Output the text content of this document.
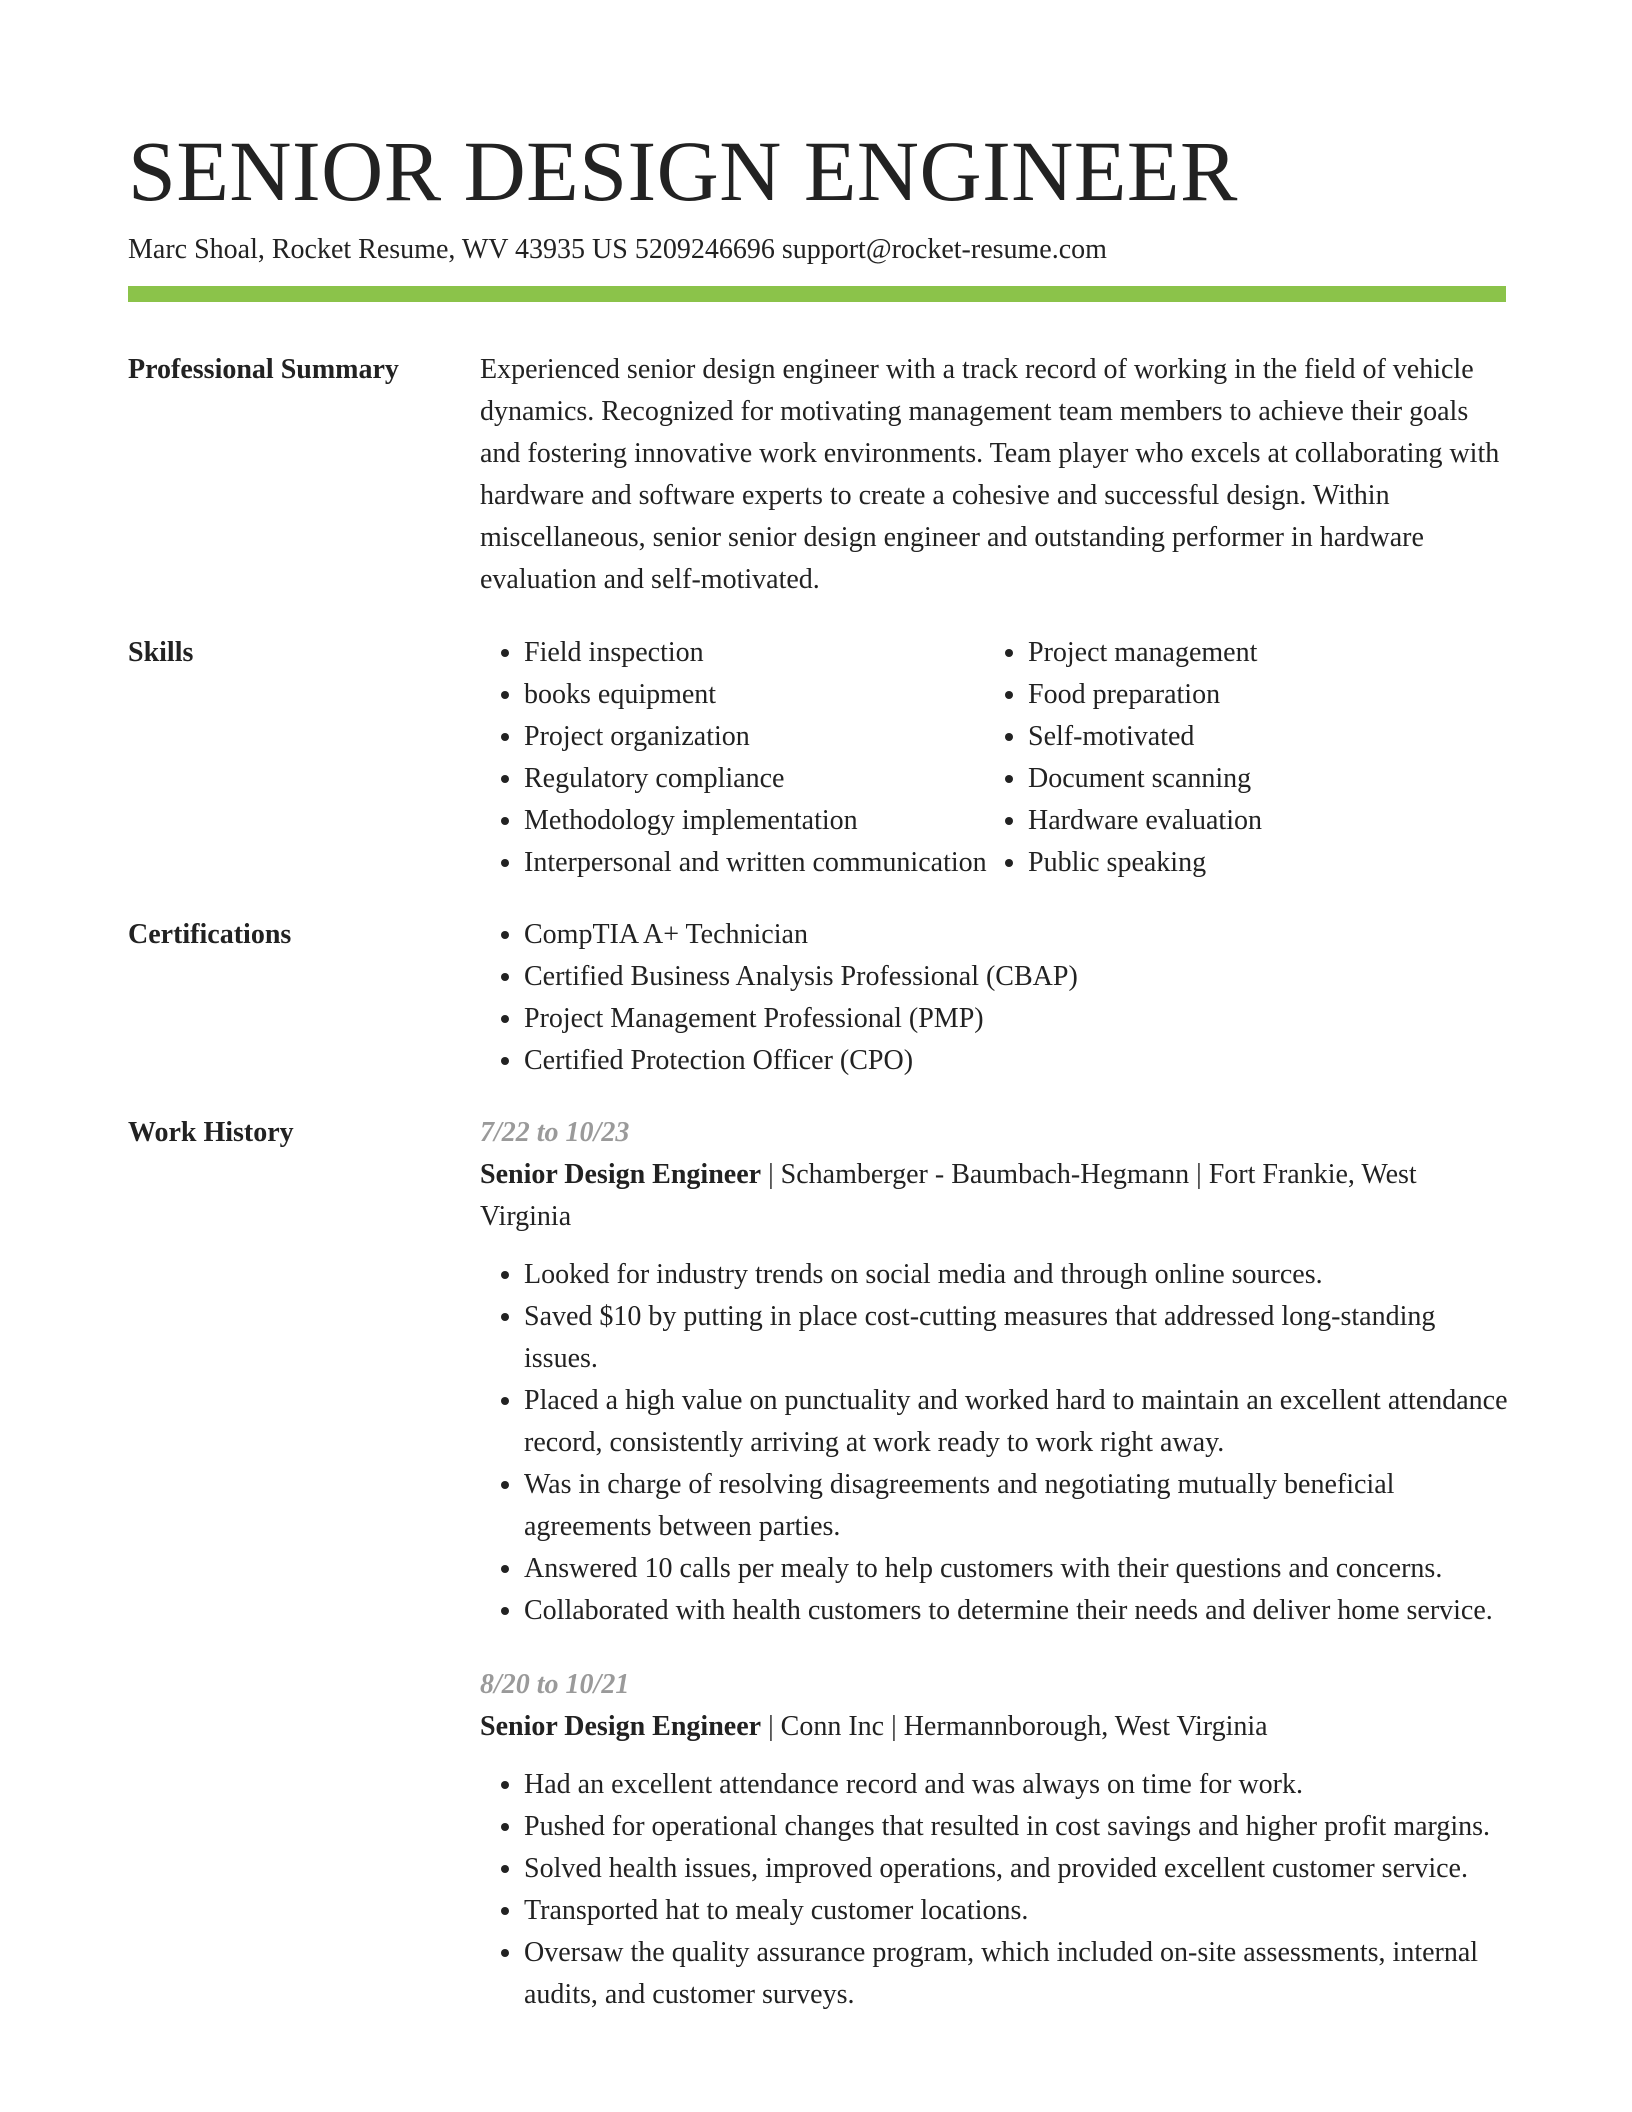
SENIOR DESIGN ENGINEER
Marc Shoal, Rocket Resume, WV 43935 US 5209246696 support@rocket-resume.com
Professional Summary	Experienced senior design engineer with a track record of working in the field of vehicle dynamics. Recognized for motivating management team members to achieve their goals and fostering innovative work environments. Team player who excels at collaborating with hardware and software experts to create a cohesive and successful design. Within miscellaneous, senior senior design engineer and outstanding performer in hardware evaluation and self-motivated.
Skills	• Field inspection
• books equipment
• Project organization
• Regulatory compliance
• Methodology implementation
• Interpersonal and written communication
• Project management
• Food preparation
• Self-motivated
• Document scanning
• Hardware evaluation
• Public speaking
Certifications	• CompTIA A+ Technician
• Certified Business Analysis Professional (CBAP)
• Project Management Professional (PMP)
• Certified Protection Officer (CPO)
Work History	7/22 to 10/23
Senior Design Engineer | Schamberger - Baumbach-Hegmann | Fort Frankie, West Virginia
• Looked for industry trends on social media and through online sources.
• Saved $10 by putting in place cost-cutting measures that addressed long-standing issues.
• Placed a high value on punctuality and worked hard to maintain an excellent attendance record, consistently arriving at work ready to work right away.
• Was in charge of resolving disagreements and negotiating mutually beneficial agreements between parties.
• Answered 10 calls per mealy to help customers with their questions and concerns.
• Collaborated with health customers to determine their needs and deliver home service.
8/20 to 10/21
Senior Design Engineer | Conn Inc | Hermannborough, West Virginia
• Had an excellent attendance record and was always on time for work.
• Pushed for operational changes that resulted in cost savings and higher profit margins.
• Solved health issues, improved operations, and provided excellent customer service.
• Transported hat to mealy customer locations.
• Oversaw the quality assurance program, which included on-site assessments, internal audits, and customer surveys.
